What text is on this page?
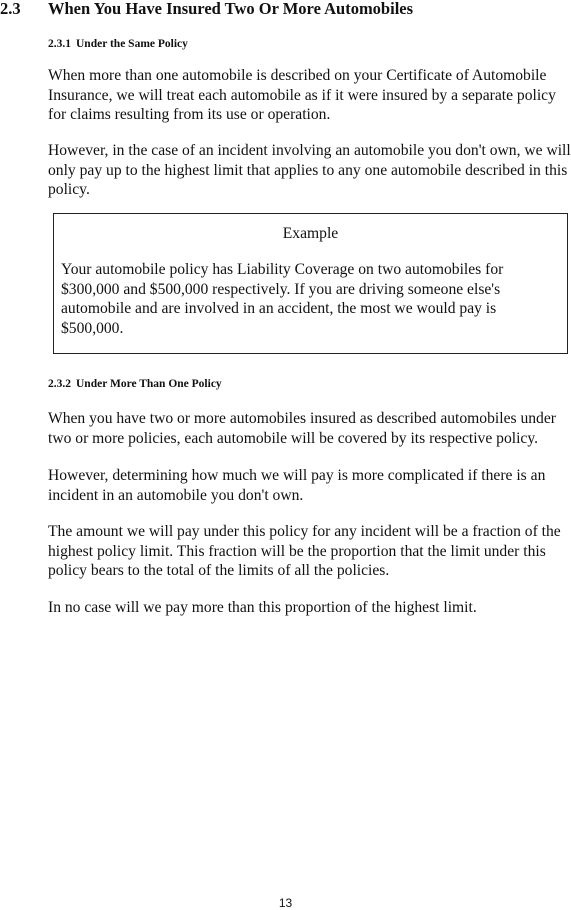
2.3 When You Have Insured Two Or More Automobiles
2.3.1 Under the Same Policy

When more than one automobile is described on your Certificate of Automobile Insurance, we will treat each automobile as if it were insured by a separate policy for claims resulting from its use or operation.

However, in the case of an incident involving an automobile you don't own, we will only pay up to the highest limit that applies to any one automobile described in this policy.

Example

Your automobile policy has Liability Coverage on two automobiles for $300,000 and $500,000 respectively. If you are driving someone else's automobile and are involved in an accident, the most we would pay is $500,000.

2.3.2 Under More Than One Policy

When you have two or more automobiles insured as described automobiles under two or more policies, each automobile will be covered by its respective policy.

However, determining how much we will pay is more complicated if there is an incident in an automobile you don't own.

The amount we will pay under this policy for any incident will be a fraction of the highest policy limit. This fraction will be the proportion that the limit under this policy bears to the total of the limits of all the policies.

In no case will we pay more than this proportion of the highest limit.

13
